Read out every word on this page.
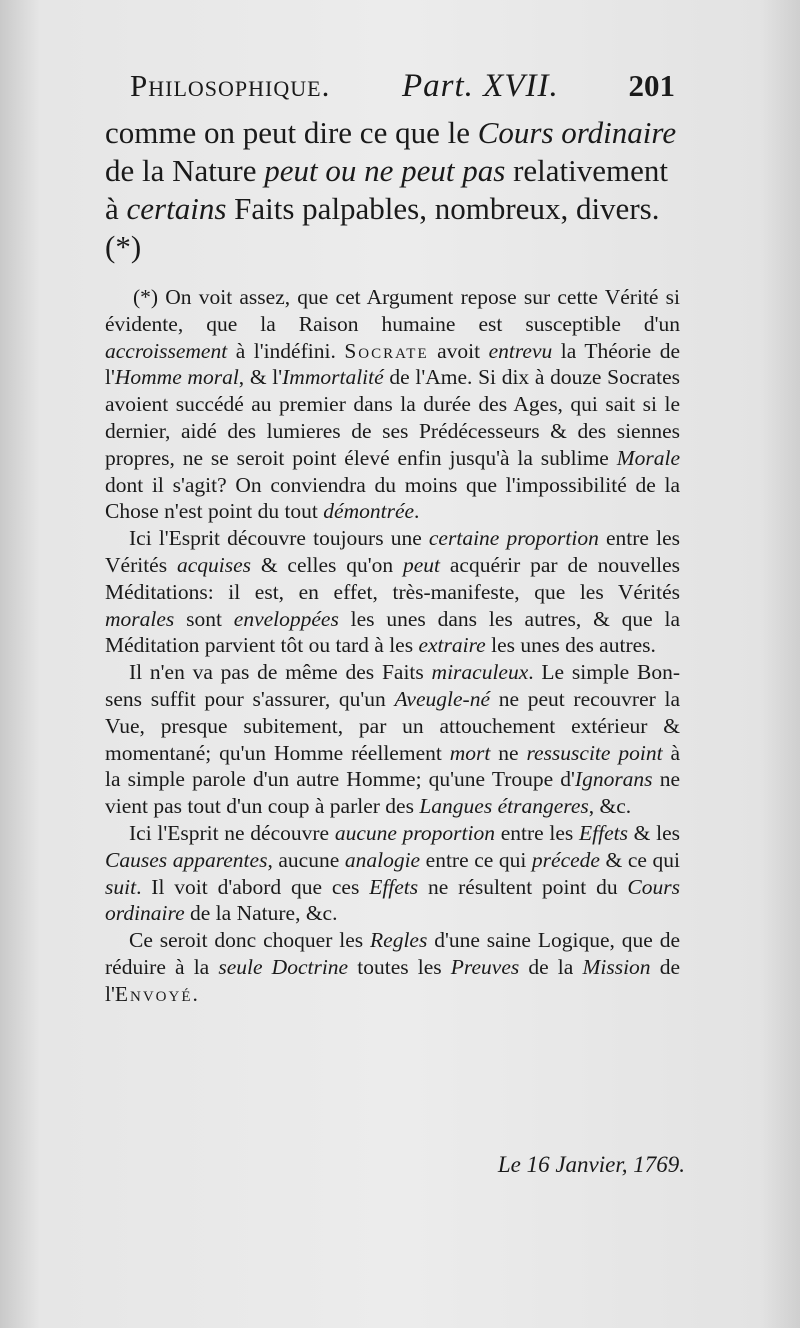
Philosophique. Part. XVII. 201

comme on peut dire ce que le Cours ordinaire de la Nature peut ou ne peut pas relativement à certains Faits palpables, nombreux, divers. (*)

(*) On voit assez, que cet Argument repose sur cette Vérité si évidente, que la Raison humaine est susceptible d'un accroissement à l'indéfini. Socrate avoit entrevu la Théorie de l'Homme moral, & l'Immortalité de l'Ame. Si dix à douze Socrates avoient succédé au premier dans la durée des Ages, qui sait si le dernier, aidé des lumieres de ses Prédécesseurs & des siennes propres, ne se seroit point élevé enfin jusqu'à la sublime Morale dont il s'agit? On conviendra du moins que l'impossibilité de la Chose n'est point du tout démontrée.

Ici l'Esprit découvre toujours une certaine proportion entre les Vérités acquises & celles qu'on peut acquérir par de nouvelles Méditations: il est, en effet, très-manifeste, que les Vérités morales sont enveloppées les unes dans les autres, & que la Méditation parvient tôt ou tard à les extraire les unes des autres.

Il n'en va pas de même des Faits miraculeux. Le simple Bon-sens suffit pour s'assurer, qu'un Aveugle-né ne peut recouvrer la Vue, presque subitement, par un attouchement extérieur & momentané; qu'un Homme réellement mort ne ressuscite point à la simple parole d'un autre Homme; qu'une Troupe d'Ignorans ne vient pas tout d'un coup à parler des Langues étrangeres, &c.

Ici l'Esprit ne découvre aucune proportion entre les Effets & les Causes apparentes, aucune analogie entre ce qui précede & ce qui suit. Il voit d'abord que ces Effets ne résultent point du Cours ordinaire de la Nature, &c.

Ce seroit donc choquer les Regles d'une saine Logique, que de réduire à la seule Doctrine toutes les Preuves de la Mission de l'Envoyé.

Le 16 Janvier, 1769.
